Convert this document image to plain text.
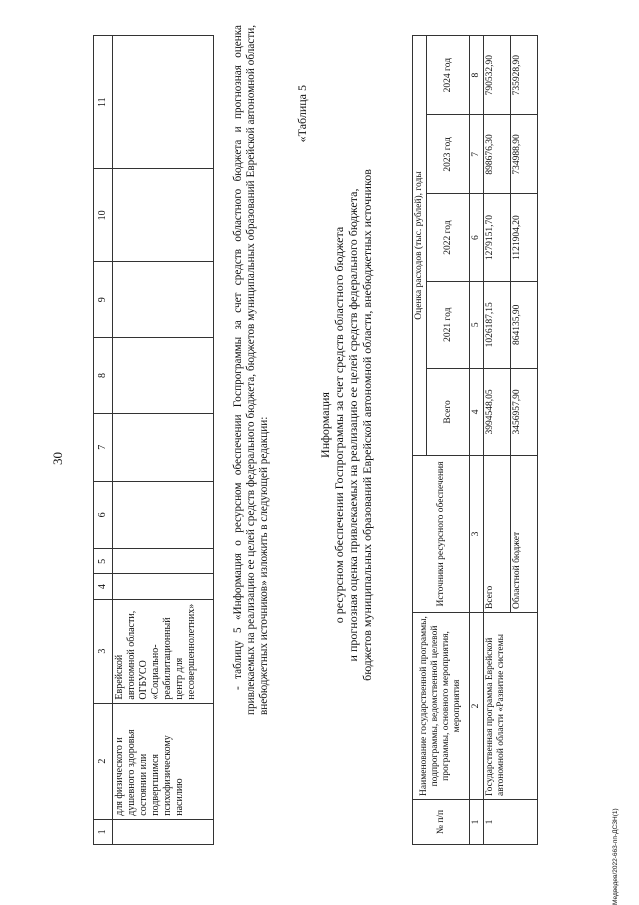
30
1	2	3	4	5	6	7	8	9	10	11
	для физического и душевного здоровья состоянии или подвергшимся психофизическому насилию	Еврейской автономной области, ОГБУСО «Социально-реабилитационный центр для несовершеннолетних»									- таблицу 5 «Информация о ресурсном обеспечении Госпрограммы за счет средств областного бюджета и прогнозная оценка привлекаемых на реализацию ее целей средств федерального бюджета, бюджетов муниципальных образований Еврейской автономной области, внебюджетных источников» изложить в следующей редакции:

«Таблица 5
Информация о ресурсном обеспечении Госпрограммы за счет средств областного бюджета и прогнозная оценка привлекаемых на реализацию ее целей средств федерального бюджета, бюджетов муниципальных образований Еврейской автономной области, внебюджетных источников
№ п/п	Наименование государственной программы, подпрограммы, ведомственной целевой программы, основного мероприятия, мероприятия	Источники ресурсного обеспечения	Оценка расходов (тыс. рублей), годы				
			Всего	2021 год	2022 год	2023 год	2024 год
1	2	3	4	5	6	7	8
1	Государственная программа Еврейской автономной области «Развитие системы	Всего	3994548,05	1026187,15	1279151,70	898676,30	790532,90
		Областной бюджет	3456957,90	864135,90	1121904,20	734988,90	735928,90
Медведев/2022-663-пп-ДСЗН(1)
